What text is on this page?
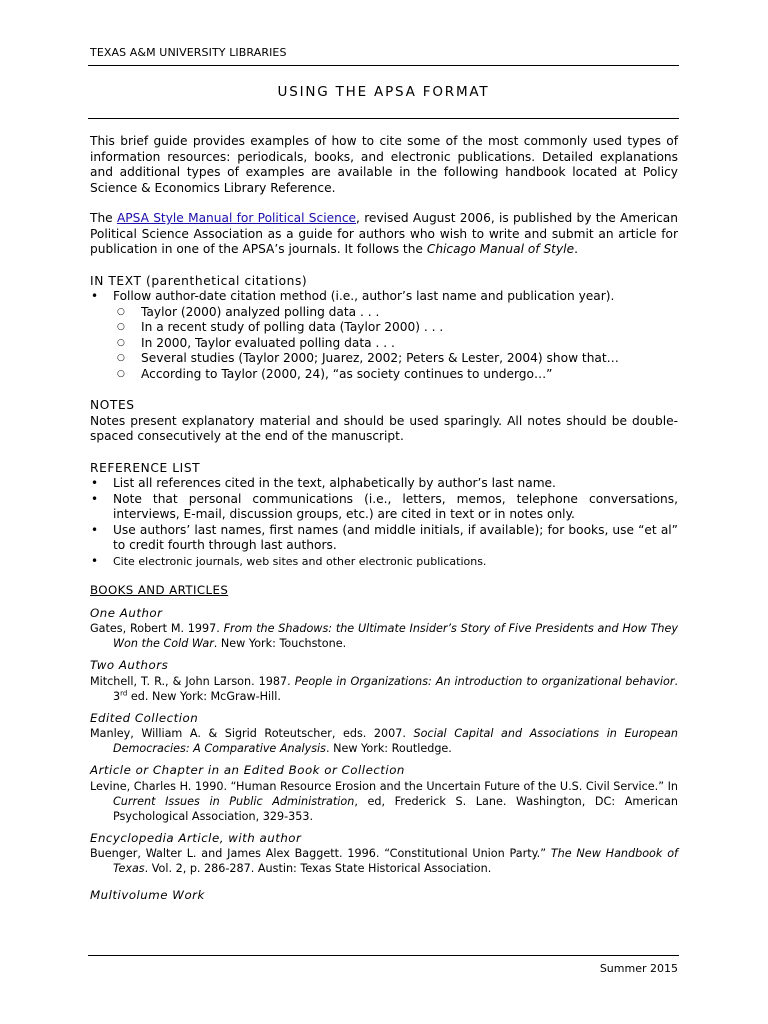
TEXAS A&M UNIVERSITY LIBRARIES
USING THE APSA FORMAT

This brief guide provides examples of how to cite some of the most commonly used types of information resources: periodicals, books, and electronic publications. Detailed explanations and additional types of examples are available in the following handbook located at Policy Science & Economics Library Reference.

The APSA Style Manual for Political Science, revised August 2006, is published by the American Political Science Association as a guide for authors who wish to write and submit an article for publication in one of the APSA’s journals. It follows the Chicago Manual of Style.

IN TEXT (parenthetical citations)

• Follow author-date citation method (i.e., author’s last name and publication year).
○ Taylor (2000) analyzed polling data . . .
○ In a recent study of polling data (Taylor 2000) . . .
○ In 2000, Taylor evaluated polling data . . .
○ Several studies (Taylor 2000; Juarez, 2002; Peters & Lester, 2004) show that…
○ According to Taylor (2000, 24), “as society continues to undergo…”

NOTES

Notes present explanatory material and should be used sparingly. All notes should be double-spaced consecutively at the end of the manuscript.

REFERENCE LIST

• List all references cited in the text, alphabetically by author’s last name.
• Note that personal communications (i.e., letters, memos, telephone conversations, interviews, E-mail, discussion groups, etc.) are cited in text or in notes only.
• Use authors’ last names, first names (and middle initials, if available); for books, use “et al” to credit fourth through last authors.
• Cite electronic journals, web sites and other electronic publications.

BOOKS AND ARTICLES

One Author

Gates, Robert M. 1997. From the Shadows: the Ultimate Insider’s Story of Five Presidents and How They Won the Cold War. New York: Touchstone.

Two Authors

Mitchell, T. R., & John Larson. 1987. People in Organizations: An introduction to organizational behavior. 3rd ed. New York: McGraw-Hill.

Edited Collection

Manley, William A. & Sigrid Roteutscher, eds. 2007. Social Capital and Associations in European Democracies: A Comparative Analysis. New York: Routledge.

Article or Chapter in an Edited Book or Collection

Levine, Charles H. 1990. “Human Resource Erosion and the Uncertain Future of the U.S. Civil Service.” In Current Issues in Public Administration, ed, Frederick S. Lane. Washington, DC: American Psychological Association, 329-353.

Encyclopedia Article, with author

Buenger, Walter L. and James Alex Baggett. 1996. “Constitutional Union Party.” The New Handbook of Texas. Vol. 2, p. 286-287. Austin: Texas State Historical Association.

Multivolume Work

Summer 2015
